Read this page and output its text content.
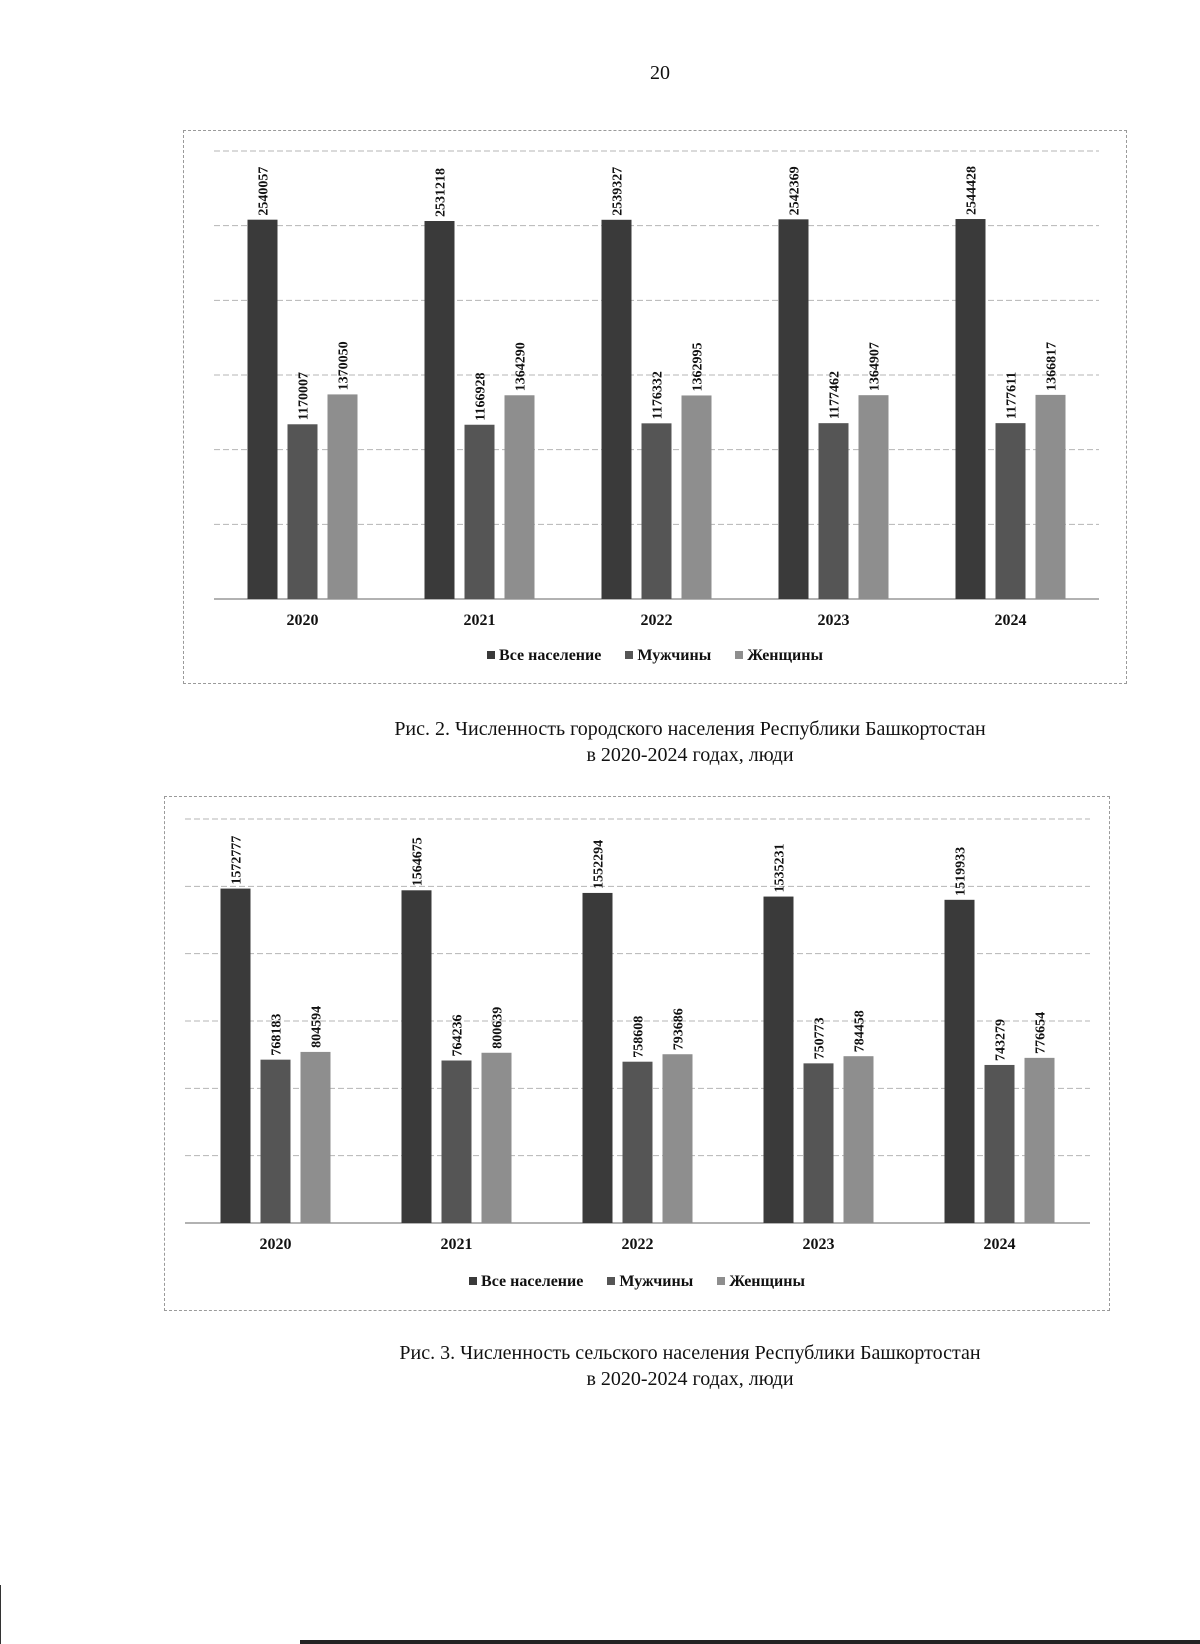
20
2540057
1170007
1370050
2020
2531218
1166928
1364290
2021
2539327
1176332
1362995
2022
2542369
1177462
1364907
2023
2544428
1177611
1366817
2024
Все население Мужчины Женщины
Рис. 2. Численность городского населения Республики Башкортостан
в 2020-2024 годах, люди
1572777
768183 804594
2020
1564675
764236 800639
2021
1552294
758608 793686
2022
1535231
750773 784458
2023
1519933
743279 776654
2024
Все население Мужчины Женщины
Рис. 3. Численность сельского населения Республики Башкортостан
в 2020-2024 годах, люди
